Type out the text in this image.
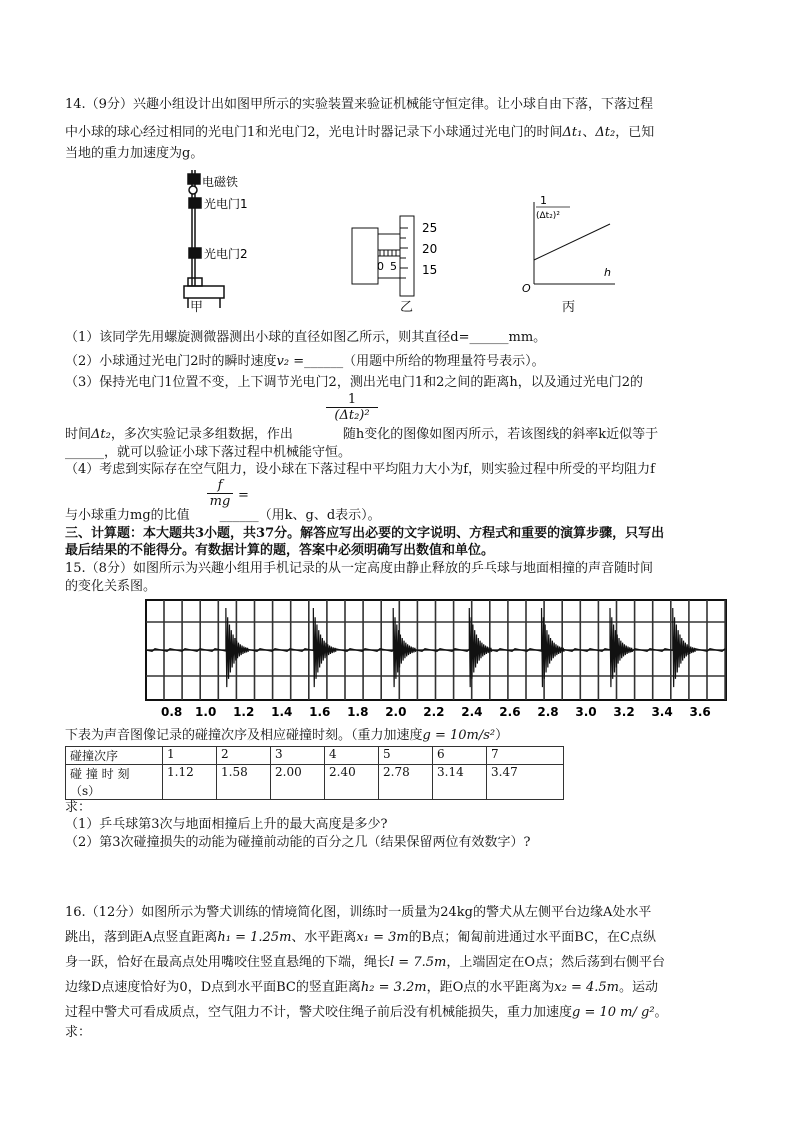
14.（9分）兴趣小组设计出如图甲所示的实验装置来验证机械能守恒定律。让小球自由下落，下落过程
中小球的球心经过相同的光电门1和光电门2，光电计时器记录下小球通过光电门的时间Δt₁、Δt₂，已知
当地的重力加速度为g。
电磁铁
光电门1
光电门2
甲
25
20
15
0 5
乙
1
(Δt₂)²
h
O
丙
（1）该同学先用螺旋测微器测出小球的直径如图乙所示，则其直径d=______mm。
（2）小球通过光电门2时的瞬时速度v₂ =______（用题中所给的物理量符号表示）。
（3）保持光电门1位置不变，上下调节光电门2，测出光电门1和2之间的距离h，以及通过光电门2的
$\frac{1}{\text{(Δt₂)²}}$
时间Δt₂，多次实验记录多组数据，作出	随h变化的图像如图丙所示，若该图线的斜率k近似等于
______，就可以验证小球下落过程中机械能守恒。
（4）考虑到实际存在空气阻力，设小球在下落过程中平均阻力大小为f，则实验过程中所受的平均阻力f
$\frac{f}{mg}$ =
与小球重力mg的比值 ______（用k、g、d表示）。
三、计算题：本大题共3小题，共37分。解答应写出必要的文字说明、方程式和重要的演算步骤，只写出
最后结果的不能得分。有数据计算的题，答案中必须明确写出数值和单位。
15.（8分）如图所示为兴趣小组用手机记录的从一定高度由静止释放的乒乓球与地面相撞的声音随时间
的变化关系图。
0.8 1.0 1.2 1.4 1.6 1.8 2.0 2.2 2.4 2.6 2.8 3.0 3.2 3.4 3.6
下表为声音图像记录的碰撞次序及相应碰撞时刻。（重力加速度g = 10m/s²）
碰撞次序	1	2	3	4	5	6	7
碰 撞 时 刻
（s）	1.12	1.58	2.00	2.40	2.78	3.14	3.47
求：
（1）乒乓球第3次与地面相撞后上升的最大高度是多少?
（2）第3次碰撞损失的动能为碰撞前动能的百分之几（结果保留两位有效数字）?
16.（12分）如图所示为警犬训练的情境简化图，训练时一质量为24kg的警犬从左侧平台边缘A处水平
跳出，落到距A点竖直距离h₁ = 1.25m、水平距离x₁ = 3m的B点；匍匐前进通过水平面BC，在C点纵
身一跃，恰好在最高点处用嘴咬住竖直悬绳的下端，绳长l = 7.5m，上端固定在O点；然后荡到右侧平台
边缘D点速度恰好为0，D点到水平面BC的竖直距离h₂ = 3.2m，距O点的水平距离为x₂ = 4.5m。运动
过程中警犬可看成质点，空气阻力不计，警犬咬住绳子前后没有机械能损失，重力加速度g = 10 m/ g²。
求：
